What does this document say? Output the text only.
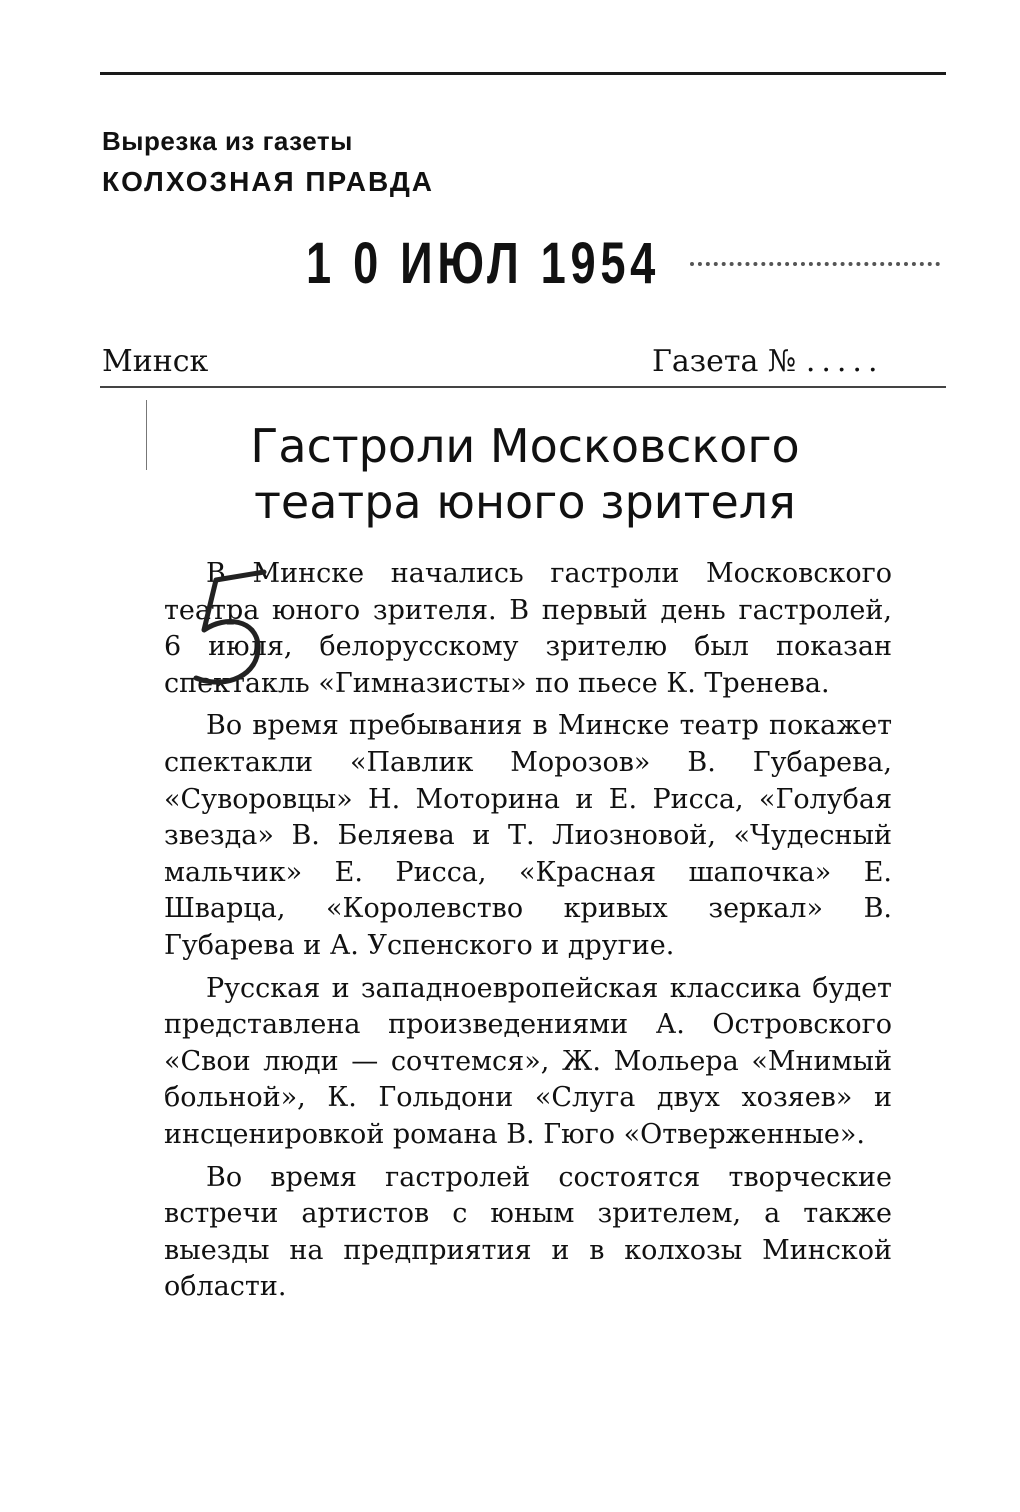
Вырезка из газеты
КОЛХОЗНАЯ ПРАВДА
1 0 ИЮЛ 1954
Минск	Газета № .....
Гастроли Московского
театра юного зрителя

В Минске начались гастроли Московского театра юного зрителя. В первый день гастролей, 6 июля, белорусскому зрителю был показан спектакль «Гимназисты» по пьесе К. Тренева.

Во время пребывания в Минске театр покажет спектакли «Павлик Морозов» В. Губарева, «Суворовцы» Н. Моторина и Е. Рисса, «Голубая звезда» В. Беляева и Т. Лиозновой, «Чудесный мальчик» Е. Рисса, «Красная шапочка» Е. Шварца, «Королевство кривых зеркал» В. Губарева и А. Успенского и другие.

Русская и западноевропейская классика будет представлена произведениями А. Островского «Свои люди — сочтемся», Ж. Мольера «Мнимый больной», К. Гольдони «Слуга двух хозяев» и инсценировкой романа В. Гюго «Отверженные».

Во время гастролей состоятся творческие встречи артистов с юным зрителем, а также выезды на предприятия и в колхозы Минской области.
